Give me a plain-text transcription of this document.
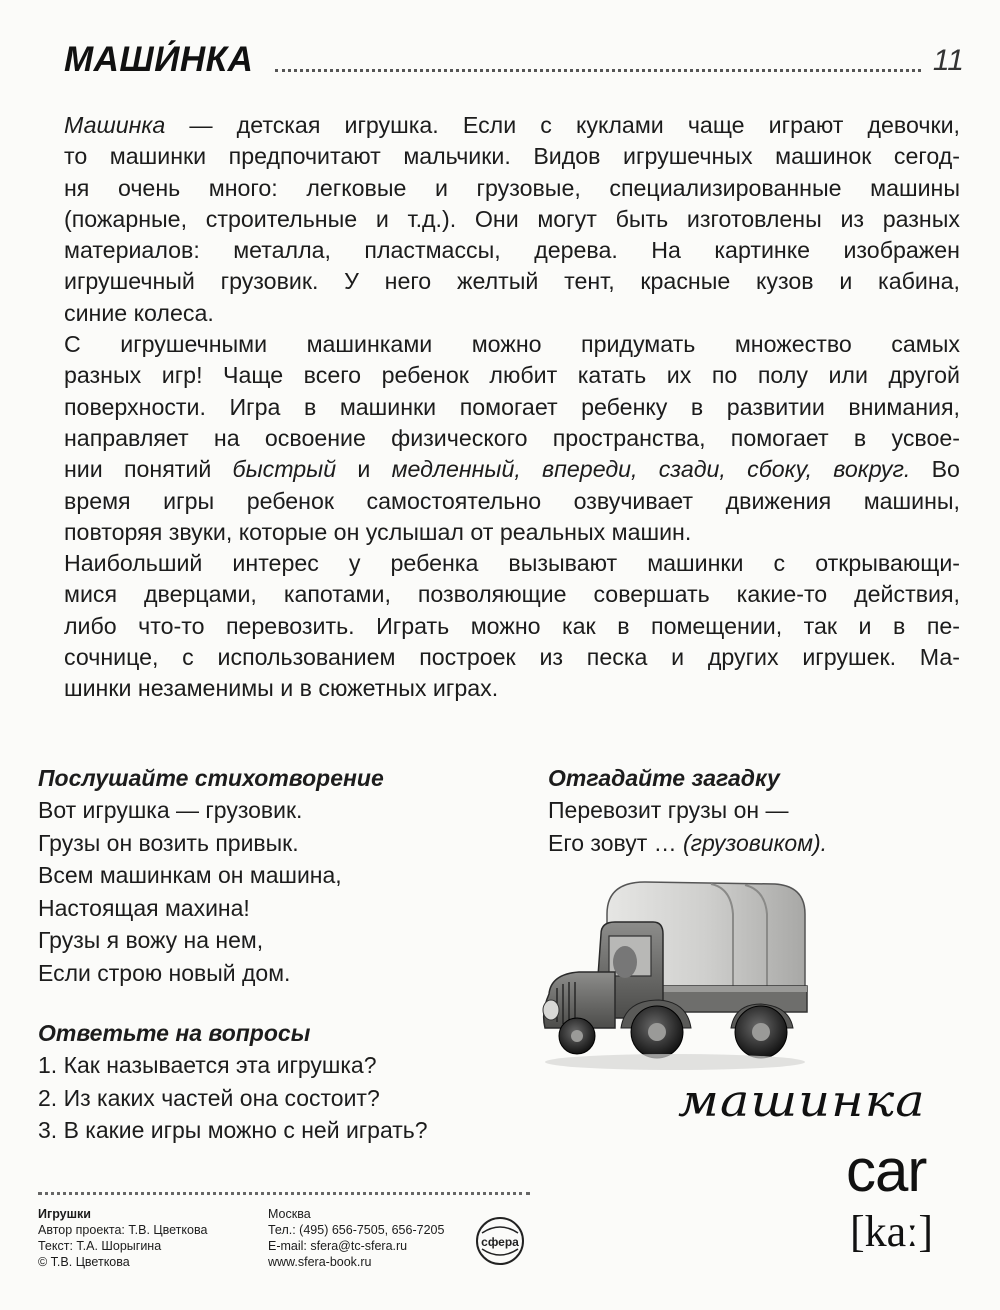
МАШИ́НКА	11
Машинка — детская игрушка. Если с куклами чаще играют девочки,
то машинки предпочитают мальчики. Видов игрушечных машинок сегод-
ня очень много: легковые и грузовые, специализированные машины
(пожарные, строительные и т.д.). Они могут быть изготовлены из разных
материалов: металла, пластмассы, дерева. На картинке изображен
игрушечный грузовик. У него желтый тент, красные кузов и кабина,
синие колеса.
С игрушечными машинками можно придумать множество самых
разных игр! Чаще всего ребенок любит катать их по полу или другой
поверхности. Игра в машинки помогает ребенку в развитии внимания,
направляет на освоение физического пространства, помогает в усвое-
нии понятий быстрый и медленный, впереди, сзади, сбоку, вокруг. Во
время игры ребенок самостоятельно озвучивает движения машины,
повторяя звуки, которые он услышал от реальных машин.
Наибольший интерес у ребенка вызывают машинки с открывающи-
мися дверцами, капотами, позволяющие совершать какие-то действия,
либо что-то перевозить. Играть можно как в помещении, так и в пе-
сочнице, с использованием построек из песка и других игрушек. Ма-
шинки незаменимы и в сюжетных играх.
Послушайте стихотворение
Вот игрушка — грузовик.
Грузы он возить привык.
Всем машинкам он машина,
Настоящая махина!
Грузы я вожу на нем,
Если строю новый дом.
Ответьте на вопросы
1. Как называется эта игрушка?
2. Из каких частей она состоит?
3. В какие игры можно с ней играть?
Отгадайте загадку
Перевозит грузы он —
Его зовут … (грузовиком).
машинка
car
[kaː]
Игрушки
Автор проекта: Т.В. Цветкова
Текст: Т.А. Шорыгина
© Т.В. Цветкова
Москва
Тел.: (495) 656-7505, 656-7205
E-mail: sfera@tc-sfera.ru
www.sfera-book.ru
сфера
